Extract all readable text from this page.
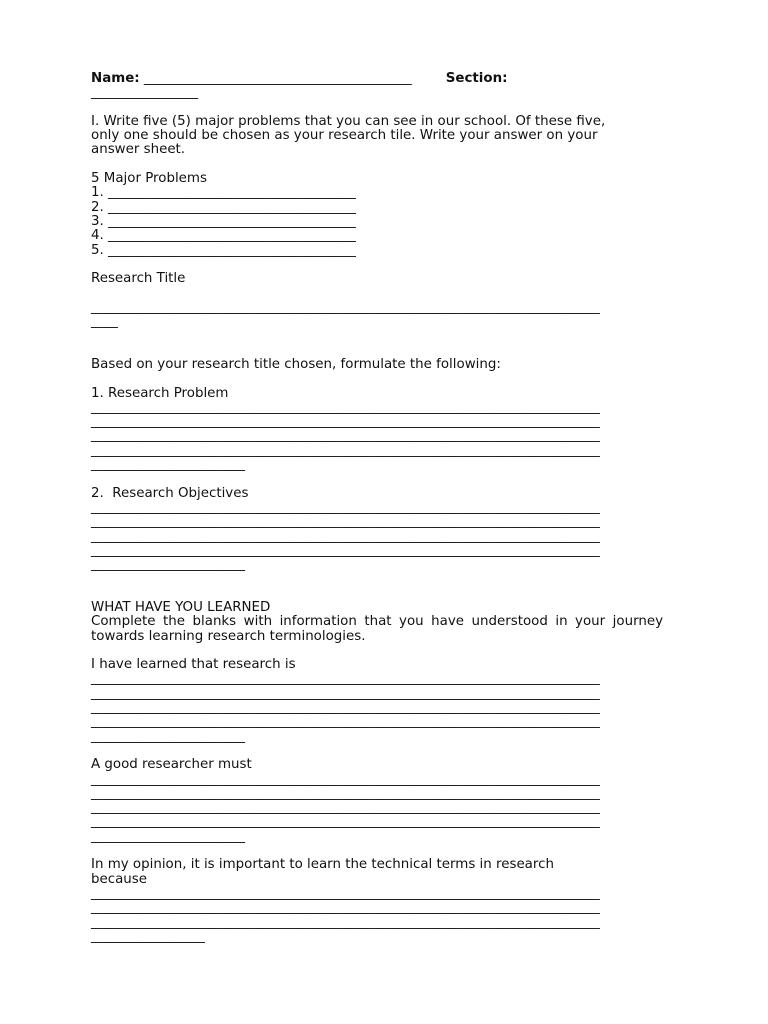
Name: ________________________________________	Section:

________________

I. Write five (5) major problems that you can see in our school. Of these five,

only one should be chosen as your research tile. Write your answer on your

answer sheet.

5 Major Problems

1. _____________________________________

2. _____________________________________

3. _____________________________________

4. _____________________________________

5. _____________________________________

Research Title

____________________________________________________________________________

____

Based on your research title chosen, formulate the following:

1. Research Problem

____________________________________________________________________________

____________________________________________________________________________

____________________________________________________________________________

____________________________________________________________________________

_______________________

2.  Research Objectives

____________________________________________________________________________

____________________________________________________________________________

____________________________________________________________________________

____________________________________________________________________________

_______________________

WHAT HAVE YOU LEARNED

Complete the blanks with information that you have understood in your journey towards learning research terminologies.

I have learned that research is

____________________________________________________________________________

____________________________________________________________________________

____________________________________________________________________________

____________________________________________________________________________

_______________________

A good researcher must

____________________________________________________________________________

____________________________________________________________________________

____________________________________________________________________________

____________________________________________________________________________

_______________________

In my opinion, it is important to learn the technical terms in research

because

____________________________________________________________________________

____________________________________________________________________________

____________________________________________________________________________

_________________
